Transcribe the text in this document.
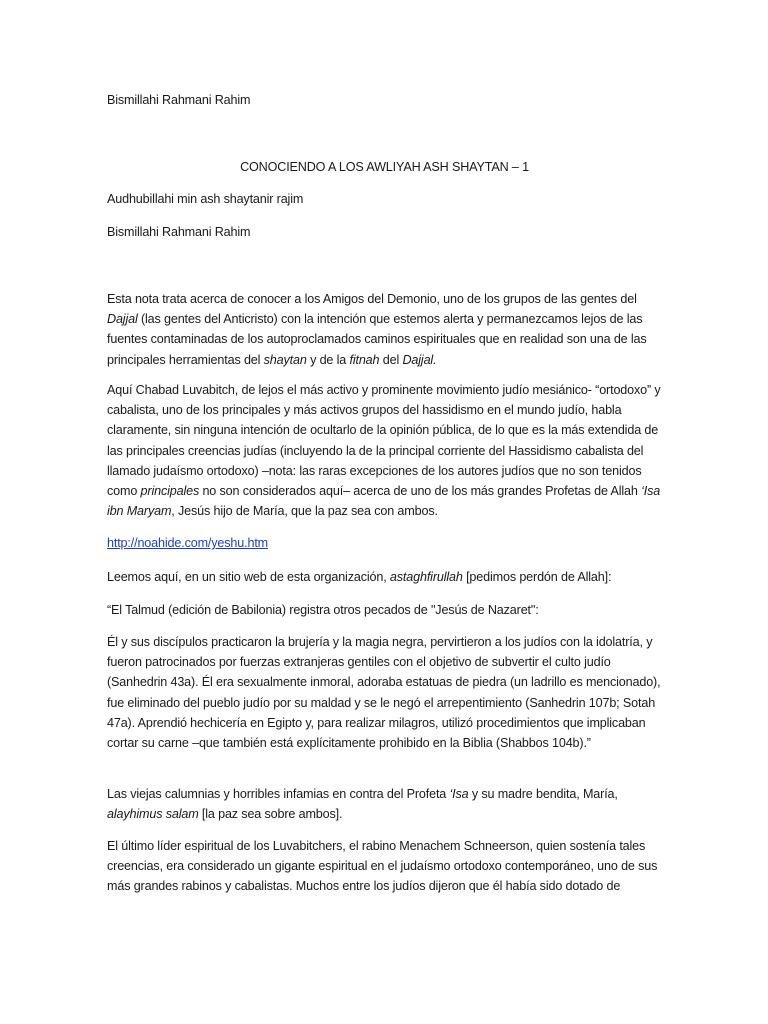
Bismillahi Rahmani Rahim

CONOCIENDO A LOS AWLIYAH ASH SHAYTAN – 1

Audhubillahi min ash shaytanir rajim

Bismillahi Rahmani Rahim

Esta nota trata acerca de conocer a los Amigos del Demonio, uno de los grupos de las gentes del Dajjal (las gentes del Anticristo) con la intención que estemos alerta y permanezcamos lejos de las fuentes contaminadas de los autoproclamados caminos espirituales que en realidad son una de las principales herramientas del shaytan y de la fitnah del Dajjal.

Aquí Chabad Luvabitch, de lejos el más activo y prominente movimiento judío mesiánico- “ortodoxo” y cabalista, uno de los principales y más activos grupos del hassidismo en el mundo judío, habla claramente, sin ninguna intención de ocultarlo de la opinión pública, de lo que es la más extendida de las principales creencias judías (incluyendo la de la principal corriente del Hassidismo cabalista del llamado judaísmo ortodoxo) –nota: las raras excepciones de los autores judíos que no son tenidos como principales no son considerados aquí– acerca de uno de los más grandes Profetas de Allah ‘Isa ibn Maryam, Jesús hijo de María, que la paz sea con ambos.

http://noahide.com/yeshu.htm

Leemos aquí, en un sitio web de esta organización, astaghfirullah [pedimos perdón de Allah]:

“El Talmud (edición de Babilonia) registra otros pecados de "Jesús de Nazaret":

Él y sus discípulos practicaron la brujería y la magia negra, pervirtieron a los judíos con la idolatría, y fueron patrocinados por fuerzas extranjeras gentiles con el objetivo de subvertir el culto judío (Sanhedrin 43a). Él era sexualmente inmoral, adoraba estatuas de piedra (un ladrillo es mencionado), fue eliminado del pueblo judío por su maldad y se le negó el arrepentimiento (Sanhedrin 107b; Sotah 47a). Aprendió hechicería en Egipto y, para realizar milagros, utilizó procedimientos que implicaban cortar su carne –que también está explícitamente prohibido en la Biblia (Shabbos 104b).”

Las viejas calumnias y horribles infamias en contra del Profeta ‘Isa y su madre bendita, María, alayhimus salam [la paz sea sobre ambos].

El último líder espiritual de los Luvabitchers, el rabino Menachem Schneerson, quien sostenía tales creencias, era considerado un gigante espiritual en el judaísmo ortodoxo contemporáneo, uno de sus más grandes rabinos y cabalistas. Muchos entre los judíos dijeron que él había sido dotado de
